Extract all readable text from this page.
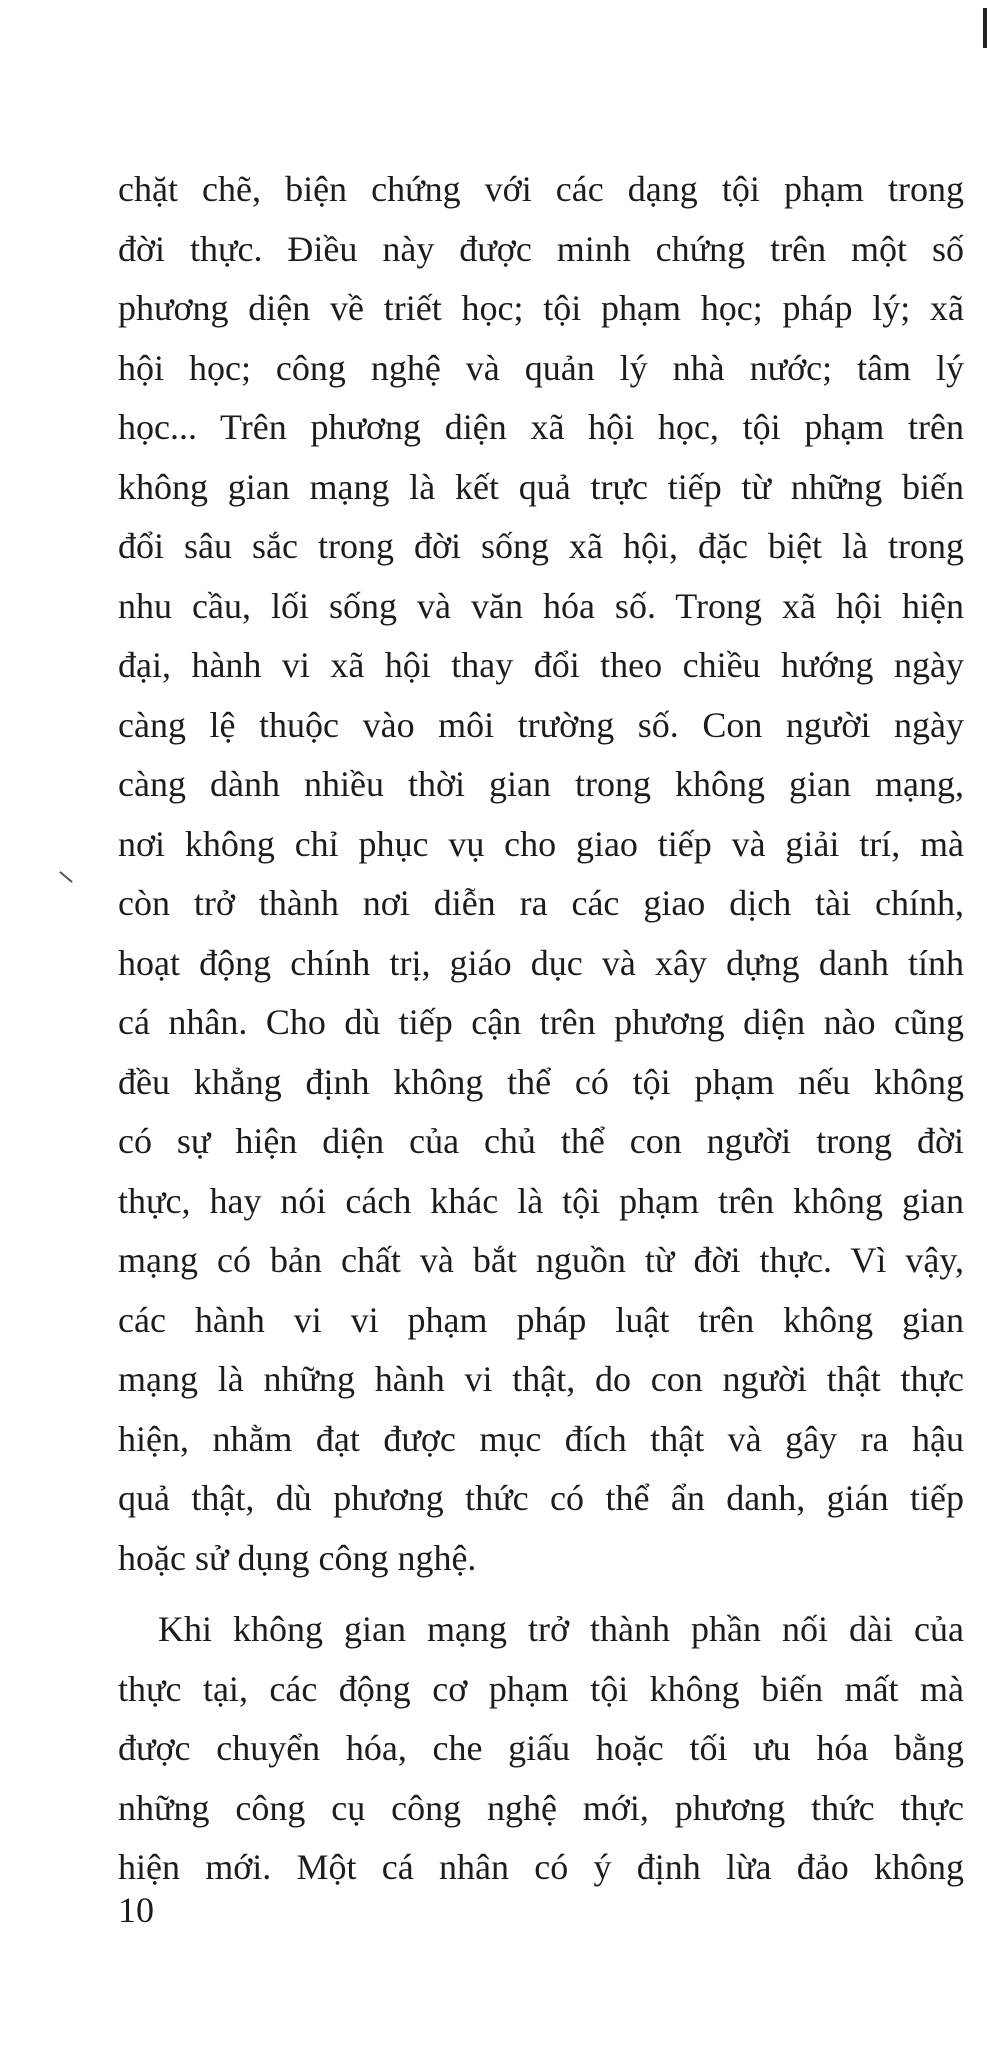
chặt chẽ, biện chứng với các dạng tội phạm trong
đời thực. Điều này được minh chứng trên một số
phương diện về triết học; tội phạm học; pháp lý; xã
hội học; công nghệ và quản lý nhà nước; tâm lý
học... Trên phương diện xã hội học, tội phạm trên
không gian mạng là kết quả trực tiếp từ những biến
đổi sâu sắc trong đời sống xã hội, đặc biệt là trong
nhu cầu, lối sống và văn hóa số. Trong xã hội hiện
đại, hành vi xã hội thay đổi theo chiều hướng ngày
càng lệ thuộc vào môi trường số. Con người ngày
càng dành nhiều thời gian trong không gian mạng,
nơi không chỉ phục vụ cho giao tiếp và giải trí, mà
còn trở thành nơi diễn ra các giao dịch tài chính,
hoạt động chính trị, giáo dục và xây dựng danh tính
cá nhân. Cho dù tiếp cận trên phương diện nào cũng
đều khẳng định không thể có tội phạm nếu không
có sự hiện diện của chủ thể con người trong đời
thực, hay nói cách khác là tội phạm trên không gian
mạng có bản chất và bắt nguồn từ đời thực. Vì vậy,
các hành vi vi phạm pháp luật trên không gian
mạng là những hành vi thật, do con người thật thực
hiện, nhằm đạt được mục đích thật và gây ra hậu
quả thật, dù phương thức có thể ẩn danh, gián tiếp
hoặc sử dụng công nghệ.
Khi không gian mạng trở thành phần nối dài của
thực tại, các động cơ phạm tội không biến mất mà
được chuyển hóa, che giấu hoặc tối ưu hóa bằng
những công cụ công nghệ mới, phương thức thực
hiện mới. Một cá nhân có ý định lừa đảo không
10
